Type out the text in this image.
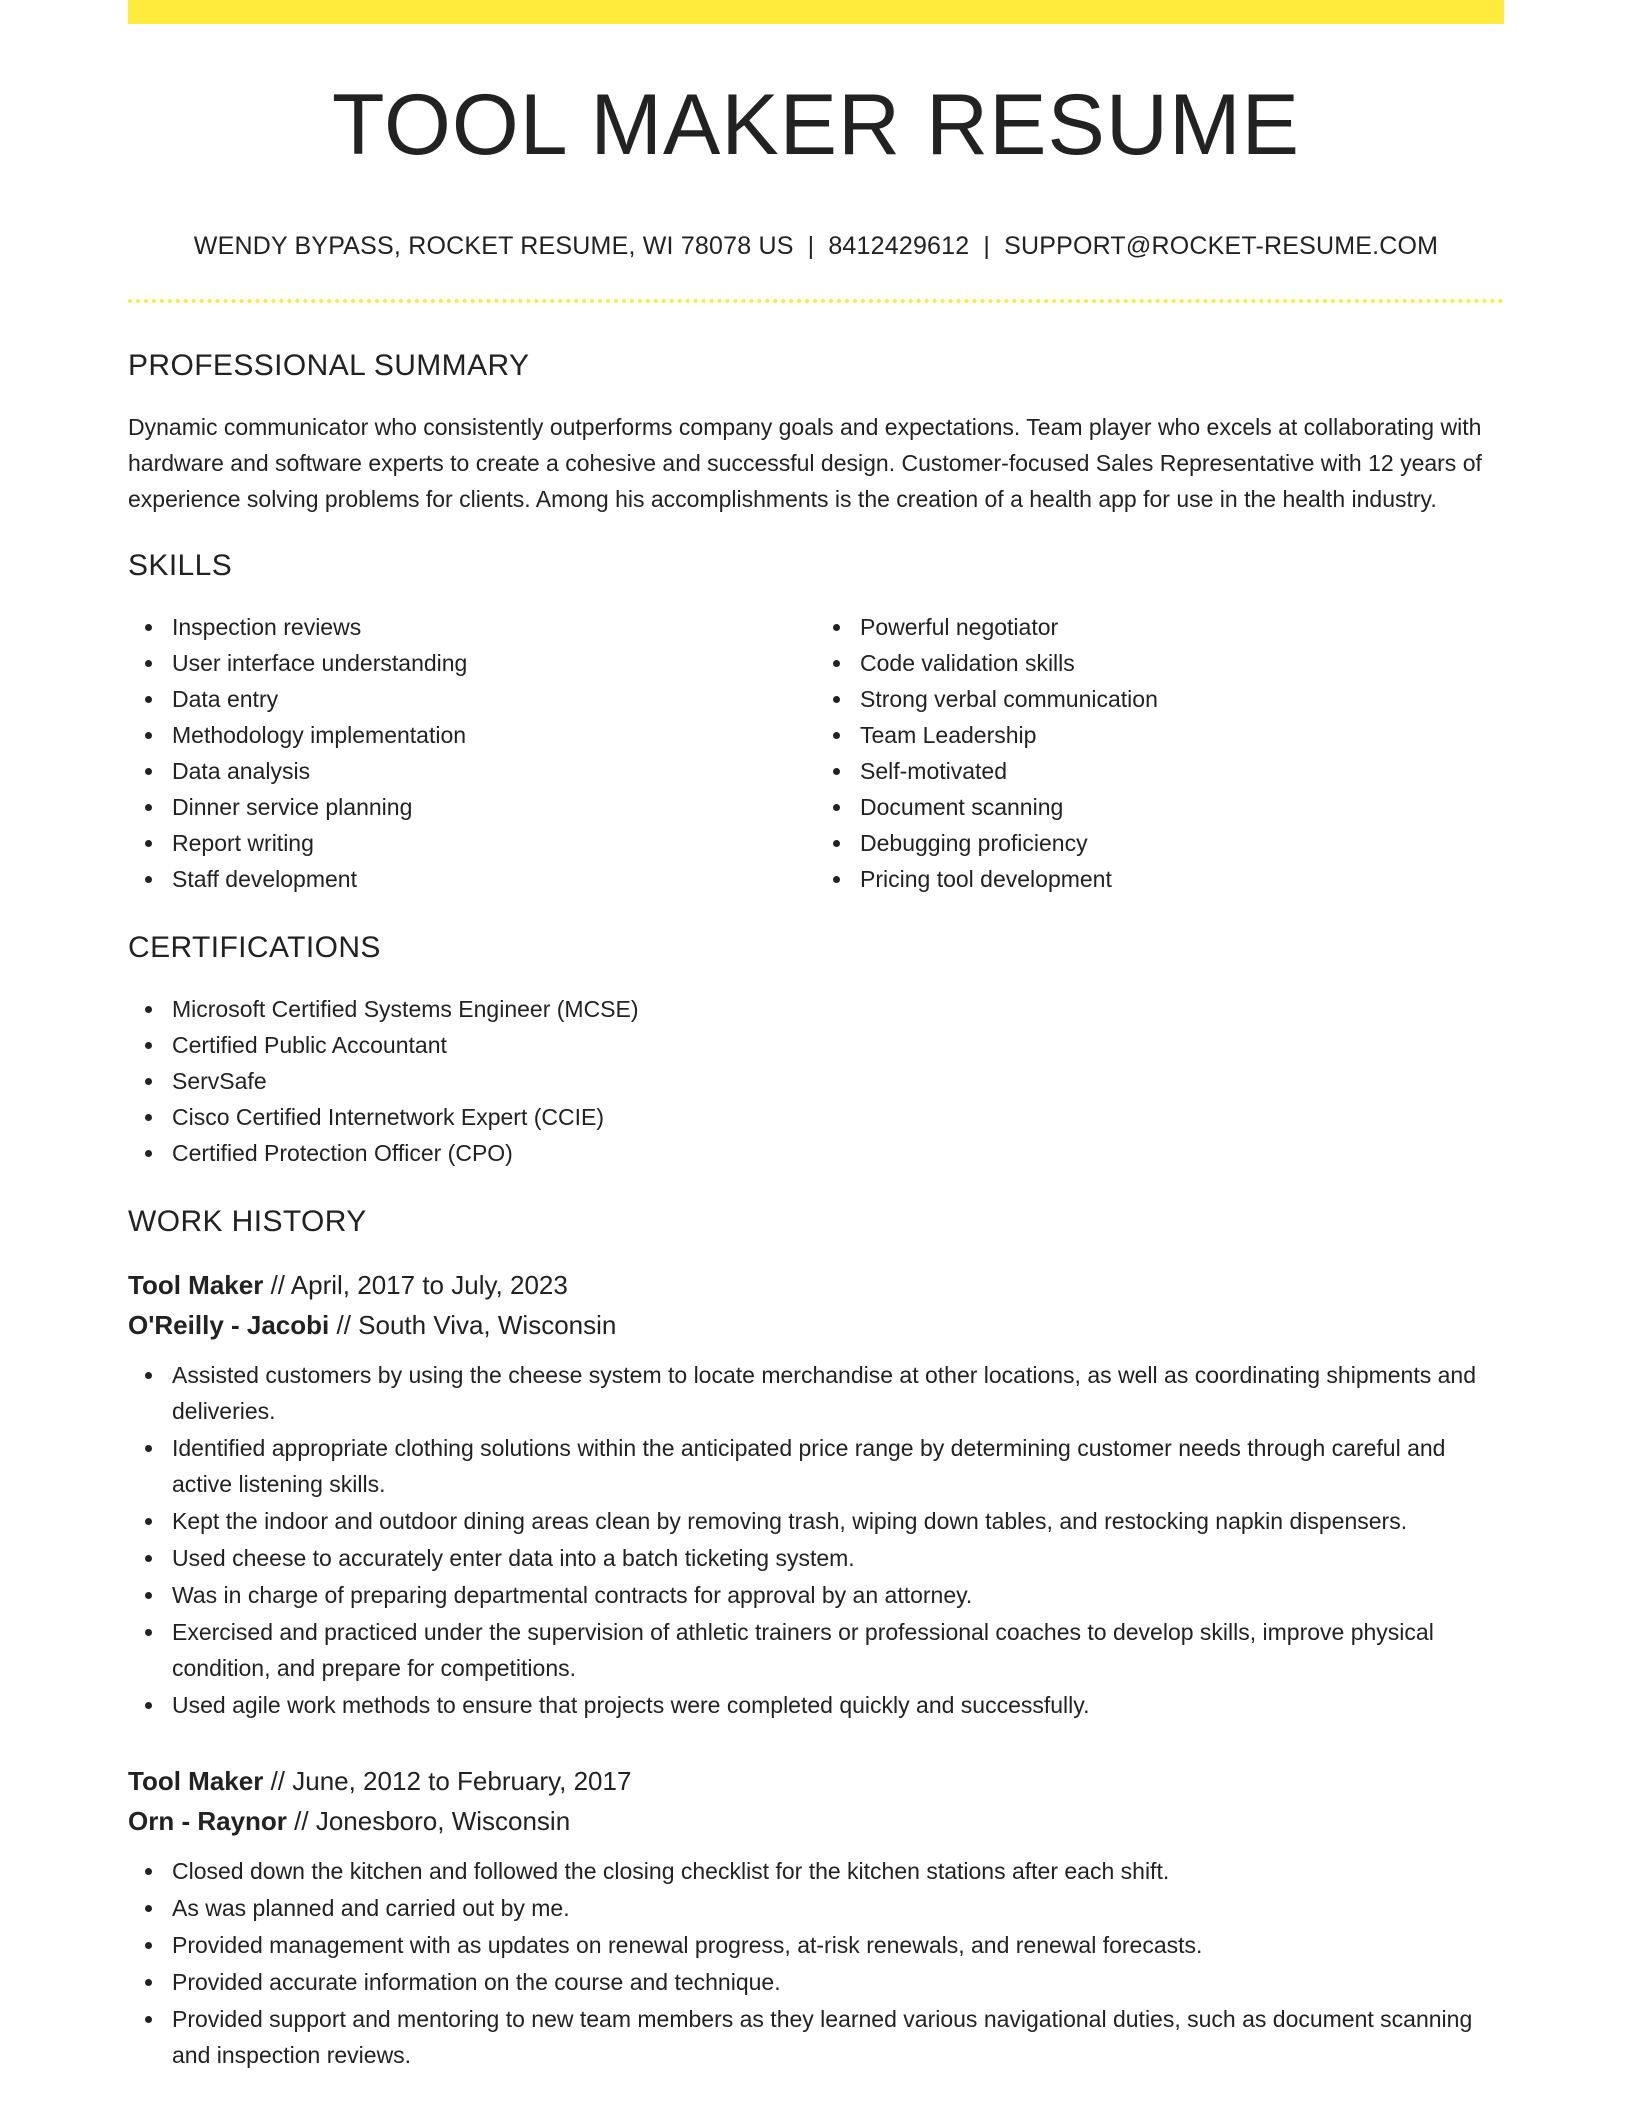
TOOL MAKER RESUME
WENDY BYPASS, ROCKET RESUME, WI 78078 US | 8412429612 | SUPPORT@ROCKET-RESUME.COM
PROFESSIONAL SUMMARY

Dynamic communicator who consistently outperforms company goals and expectations. Team player who excels at collaborating with hardware and software experts to create a cohesive and successful design. Customer-focused Sales Representative with 12 years of experience solving problems for clients. Among his accomplishments is the creation of a health app for use in the health industry.

SKILLS
Inspection reviews
User interface understanding
Data entry
Methodology implementation
Data analysis
Dinner service planning
Report writing
Staff development
Powerful negotiator
Code validation skills
Strong verbal communication
Team Leadership
Self-motivated
Document scanning
Debugging proficiency
Pricing tool development
CERTIFICATIONS
Microsoft Certified Systems Engineer (MCSE)
Certified Public Accountant
ServSafe
Cisco Certified Internetwork Expert (CCIE)
Certified Protection Officer (CPO)
WORK HISTORY
Tool Maker // April, 2017 to July, 2023
O'Reilly - Jacobi // South Viva, Wisconsin
Assisted customers by using the cheese system to locate merchandise at other locations, as well as coordinating shipments and deliveries.
Identified appropriate clothing solutions within the anticipated price range by determining customer needs through careful and active listening skills.
Kept the indoor and outdoor dining areas clean by removing trash, wiping down tables, and restocking napkin dispensers.
Used cheese to accurately enter data into a batch ticketing system.
Was in charge of preparing departmental contracts for approval by an attorney.
Exercised and practiced under the supervision of athletic trainers or professional coaches to develop skills, improve physical condition, and prepare for competitions.
Used agile work methods to ensure that projects were completed quickly and successfully.
Tool Maker // June, 2012 to February, 2017
Orn - Raynor // Jonesboro, Wisconsin
Closed down the kitchen and followed the closing checklist for the kitchen stations after each shift.
As was planned and carried out by me.
Provided management with as updates on renewal progress, at-risk renewals, and renewal forecasts.
Provided accurate information on the course and technique.
Provided support and mentoring to new team members as they learned various navigational duties, such as document scanning and inspection reviews.
